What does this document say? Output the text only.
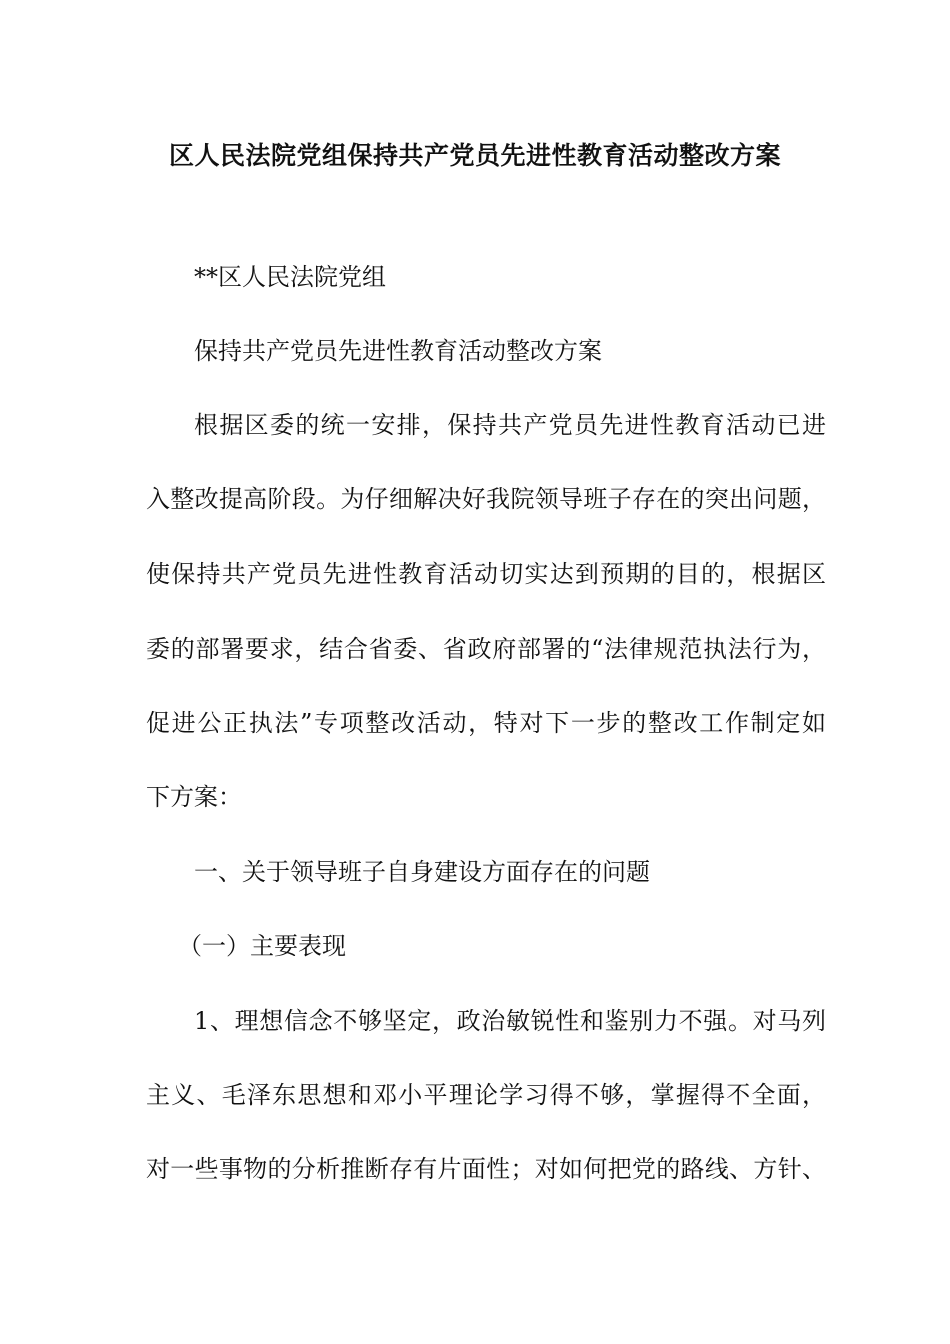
区人民法院党组保持共产党员先进性教育活动整改方案

**区人民法院党组

保持共产党员先进性教育活动整改方案

根据区委的统一安排，保持共产党员先进性教育活动已进

入整改提高阶段。为仔细解决好我院领导班子存在的突出问题，

使保持共产党员先进性教育活动切实达到预期的目的，根据区

委的部署要求，结合省委、省政府部署的“法律规范执法行为，

促进公正执法”专项整改活动，特对下一步的整改工作制定如

下方案：

一、关于领导班子自身建设方面存在的问题

（一）主要表现

1、理想信念不够坚定，政治敏锐性和鉴别力不强。对马列

主义、毛泽东思想和邓小平理论学习得不够，掌握得不全面，

对一些事物的分析推断存有片面性；对如何把党的路线、方针、
